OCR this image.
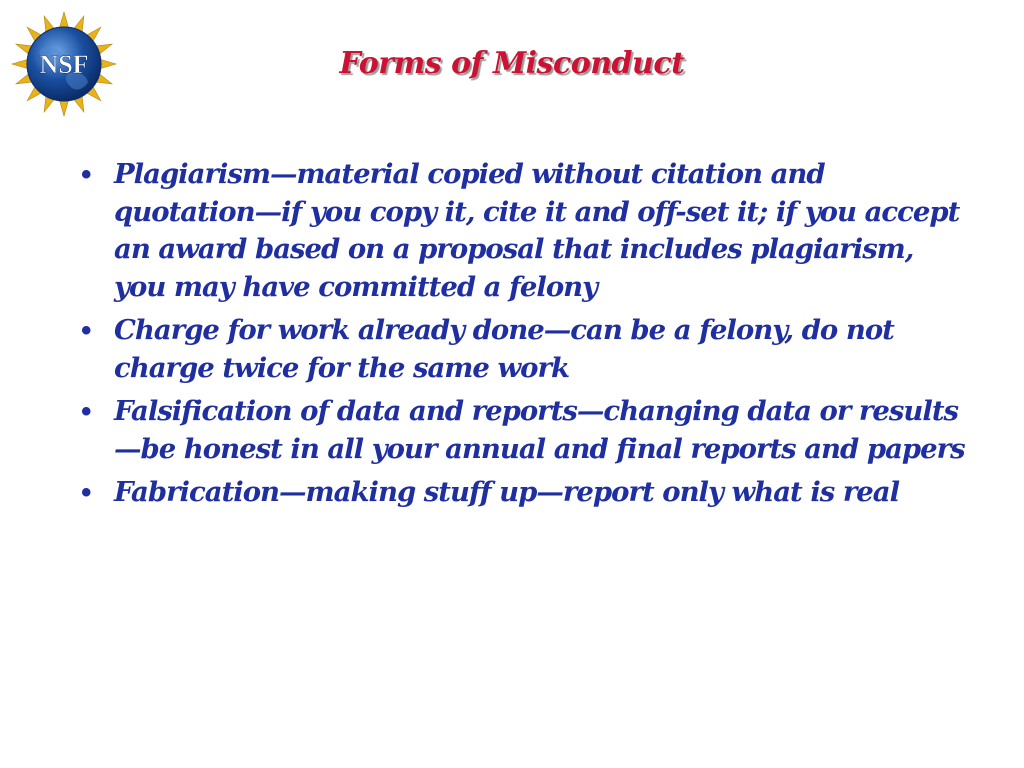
NSF	Forms of Misconduct
• Plagiarism—material copied without citation and quotation—if you copy it, cite it and off-set it; if you accept an award based on a proposal that includes plagiarism, you may have committed a felony
• Charge for work already done—can be a felony, do not charge twice for the same work
• Falsification of data and reports—changing data or results —be honest in all your annual and final reports and papers
• Fabrication—making stuff up—report only what is real
